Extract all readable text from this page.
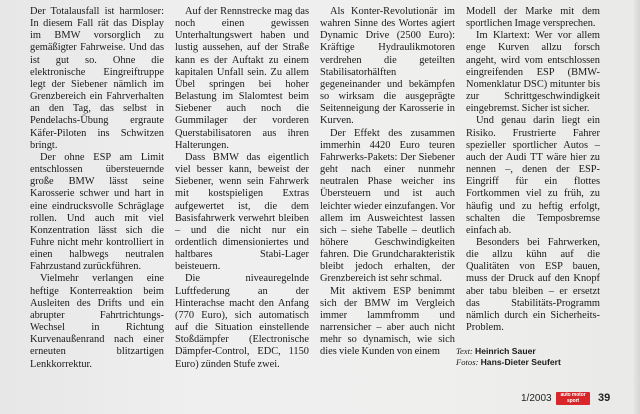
Der Totalausfall ist harmloser: In diesem Fall rät das Display im BMW vorsorglich zu gemäßigter Fahrweise. Und das ist gut so. Ohne die elektronische Eingreiftruppe legt der Siebener nämlich im Grenzbereich ein Fahrverhalten an den Tag, das selbst in Pendelachs-Übung ergraute Käfer-Piloten ins Schwitzen bringt.

Der ohne ESP am Limit entschlossen übersteuernde große BMW lässt seine Karosserie schwer und hart in eine eindrucksvolle Schräglage rollen. Und auch mit viel Konzentration lässt sich die Fuhre nicht mehr kontrolliert in einen halbwegs neutralen Fahrzustand zurückführen.

Vielmehr verlangen eine heftige Konterreaktion beim Ausleiten des Drifts und ein abrupter Fahrtrichtungs-Wechsel in Richtung Kurvenaußenrand nach einer erneuten blitzartigen Lenkkorrektur.

Auf der Rennstrecke mag das noch einen gewissen Unterhaltungswert haben und lustig aussehen, auf der Straße kann es der Auftakt zu einem kapitalen Unfall sein. Zu allem Übel springen bei hoher Belastung im Slalomtest beim Siebener auch noch die Gummilager der vorderen Querstabilisatoren aus ihren Halterungen.

Dass BMW das eigentlich viel besser kann, beweist der Siebener, wenn sein Fahrwerk mit kostspieligen Extras aufgewertet ist, die dem Basisfahrwerk verwehrt bleiben – und die nicht nur ein ordentlich dimensioniertes und haltbares Stabi-Lager beisteuern.

Die niveauregelnde Luftfederung an der Hinterachse macht den Anfang (770 Euro), sich automatisch auf die Situation einstellende Stoßdämpfer (Electronische Dämpfer-Control, EDC, 1150 Euro) zünden Stufe zwei.

Als Konter-Revolutionär im wahren Sinne des Wortes agiert Dynamic Drive (2500 Euro): Kräftige Hydraulikmotoren verdrehen die geteilten Stabilisatorhälften gegeneinander und bekämpfen so wirksam die ausgeprägte Seitenneigung der Karosserie in Kurven.

Der Effekt des zusammen immerhin 4420 Euro teuren Fahrwerks-Pakets: Der Siebener geht nach einer nunmehr neutralen Phase weicher ins Übersteuern und ist auch leichter wieder einzufangen. Vor allem im Ausweichtest lassen sich – siehe Tabelle – deutlich höhere Geschwindigkeiten fahren. Die Grundcharakteristik bleibt jedoch erhalten, der Grenzbereich ist sehr schmal.

Mit aktivem ESP benimmt sich der BMW im Vergleich immer lammfromm und narrensicher – aber auch nicht mehr so dynamisch, wie sich dies viele Kunden von einem

Modell der Marke mit dem sportlichen Image versprechen.

Im Klartext: Wer vor allem enge Kurven allzu forsch angeht, wird vom entschlossen eingreifenden ESP (BMW-Nomenklatur DSC) mitunter bis zur Schrittgeschwindigkeit eingebremst. Sicher ist sicher.

Und genau darin liegt ein Risiko. Frustrierte Fahrer spezieller sportlicher Autos – auch der Audi TT wäre hier zu nennen –, denen der ESP-Eingriff für ein flottes Fortkommen viel zu früh, zu häufig und zu heftig erfolgt, schalten die Temposbremse einfach ab.

Besonders bei Fahrwerken, die allzu kühn auf die Qualitäten von ESP bauen, muss der Druck auf den Knopf aber tabu bleiben – er ersetzt das Stabilitäts-Programm nämlich durch ein Sicherheits-Problem.

Text: Heinrich Sauer
Fotos: Hans-Dieter Seufert
1/2003	auto motor sport	39
